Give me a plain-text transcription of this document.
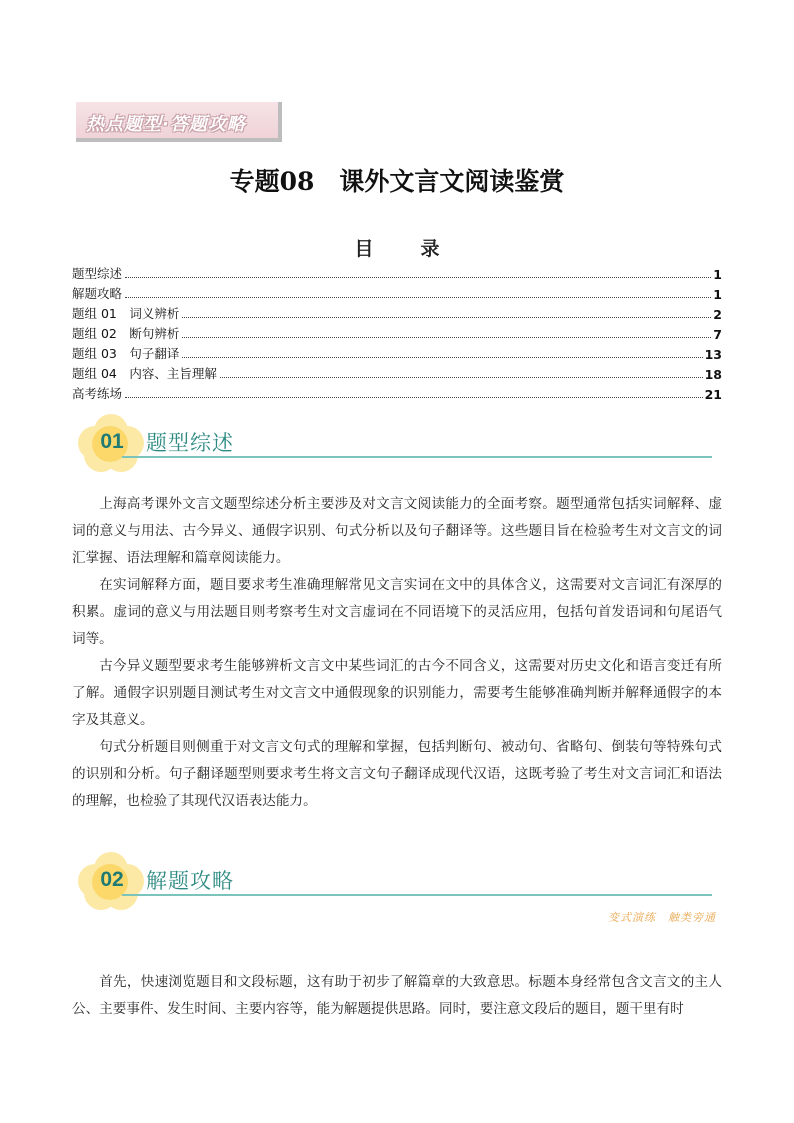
热点题型·答题攻略
专题08　课外文言文阅读鉴赏
目　录
题型综述	1
解题攻略	1
题组 01　词义辨析	2
题组 02　断句辨析	7
题组 03　句子翻译	13
题组 04　内容、主旨理解	18
高考练场	21
01	题型综述

上海高考课外文言文题型综述分析主要涉及对文言文阅读能力的全面考察。题型通常包括实词解释、虚词的意义与用法、古今异义、通假字识别、句式分析以及句子翻译等。这些题目旨在检验考生对文言文的词汇掌握、语法理解和篇章阅读能力。

在实词解释方面，题目要求考生准确理解常见文言实词在文中的具体含义，这需要对文言词汇有深厚的积累。虚词的意义与用法题目则考察考生对文言虚词在不同语境下的灵活应用，包括句首发语词和句尾语气词等。

古今异义题型要求考生能够辨析文言文中某些词汇的古今不同含义，这需要对历史文化和语言变迁有所了解。通假字识别题目测试考生对文言文中通假现象的识别能力，需要考生能够准确判断并解释通假字的本字及其意义。

句式分析题目则侧重于对文言文句式的理解和掌握，包括判断句、被动句、省略句、倒装句等特殊句式的识别和分析。句子翻译题型则要求考生将文言文句子翻译成现代汉语，这既考验了考生对文言词汇和语法的理解，也检验了其现代汉语表达能力。

02	解题攻略
变式演练　触类旁通

首先，快速浏览题目和文段标题，这有助于初步了解篇章的大致意思。标题本身经常包含文言文的主人公、主要事件、发生时间、主要内容等，能为解题提供思路。同时，要注意文段后的题目，题干里有时
